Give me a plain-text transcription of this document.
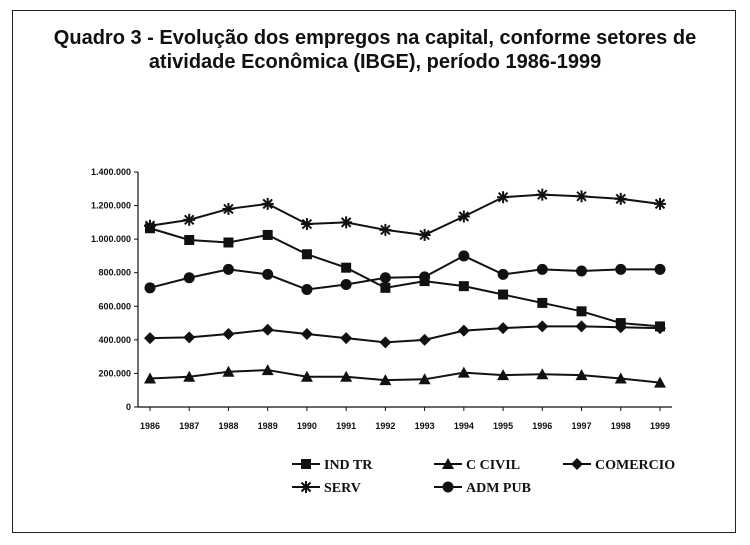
Quadro 3 - Evolução dos empregos na capital, conforme setores de
atividade Econômica (IBGE), período 1986-1999
0
200.000
400.000
600.000
800.000
1.000.000
1.200.000
1.400.000
1986 1987 1988 1989 1990 1991 1992 1993 1994 1995 1996 1997 1998 1999
IND TR	C CIVIL	COMERCIO
SERV	ADM PUB
